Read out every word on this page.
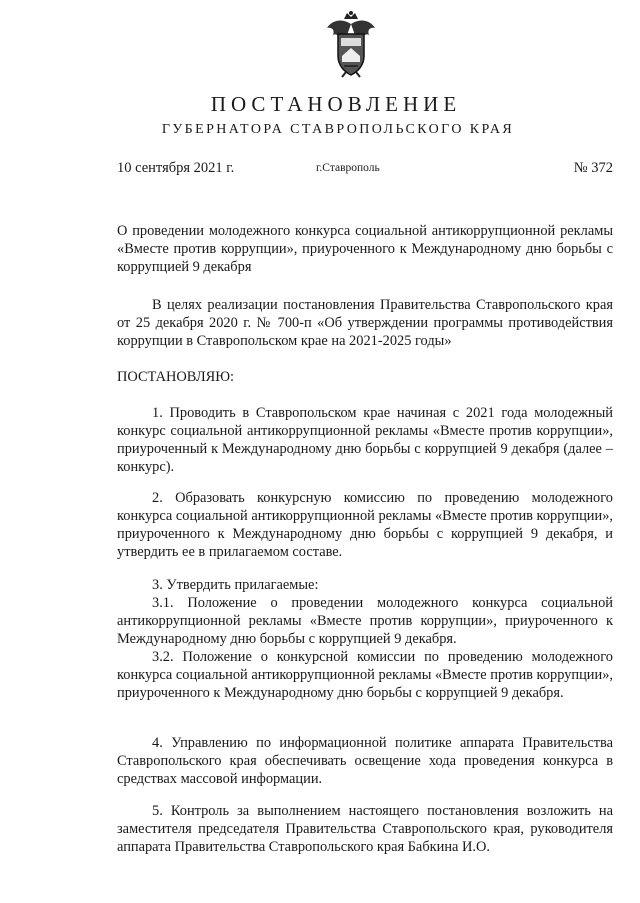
ПОСТАНОВЛЕНИЕ
ГУБЕРНАТОРА СТАВРОПОЛЬСКОГО КРАЯ
10 сентября 2021 г.	г.Ставрополь	№ 372

О проведении молодежного конкурса социальной антикоррупционной рекламы «Вместе против коррупции», приуроченного к Международному дню борьбы с коррупцией 9 декабря

В целях реализации постановления Правительства Ставропольского края от 25 декабря 2020 г. № 700-п «Об утверждении программы противодействия коррупции в Ставропольском крае на 2021-2025 годы»

ПОСТАНОВЛЯЮ:

1. Проводить в Ставропольском крае начиная с 2021 года молодежный конкурс социальной антикоррупционной рекламы «Вместе против коррупции», приуроченный к Международному дню борьбы с коррупцией 9 декабря (далее – конкурс).

2. Образовать конкурсную комиссию по проведению молодежного конкурса социальной антикоррупционной рекламы «Вместе против коррупции», приуроченного к Международному дню борьбы с коррупцией 9 декабря, и утвердить ее в прилагаемом составе.

3. Утвердить прилагаемые:

3.1. Положение о проведении молодежного конкурса социальной антикоррупционной рекламы «Вместе против коррупции», приуроченного к Международному дню борьбы с коррупцией 9 декабря.

3.2. Положение о конкурсной комиссии по проведению молодежного конкурса социальной антикоррупционной рекламы «Вместе против коррупции», приуроченного к Международному дню борьбы с коррупцией 9 декабря.

4. Управлению по информационной политике аппарата Правительства Ставропольского края обеспечивать освещение хода проведения конкурса в средствах массовой информации.

5. Контроль за выполнением настоящего постановления возложить на заместителя председателя Правительства Ставропольского края, руководителя аппарата Правительства Ставропольского края Бабкина И.О.
